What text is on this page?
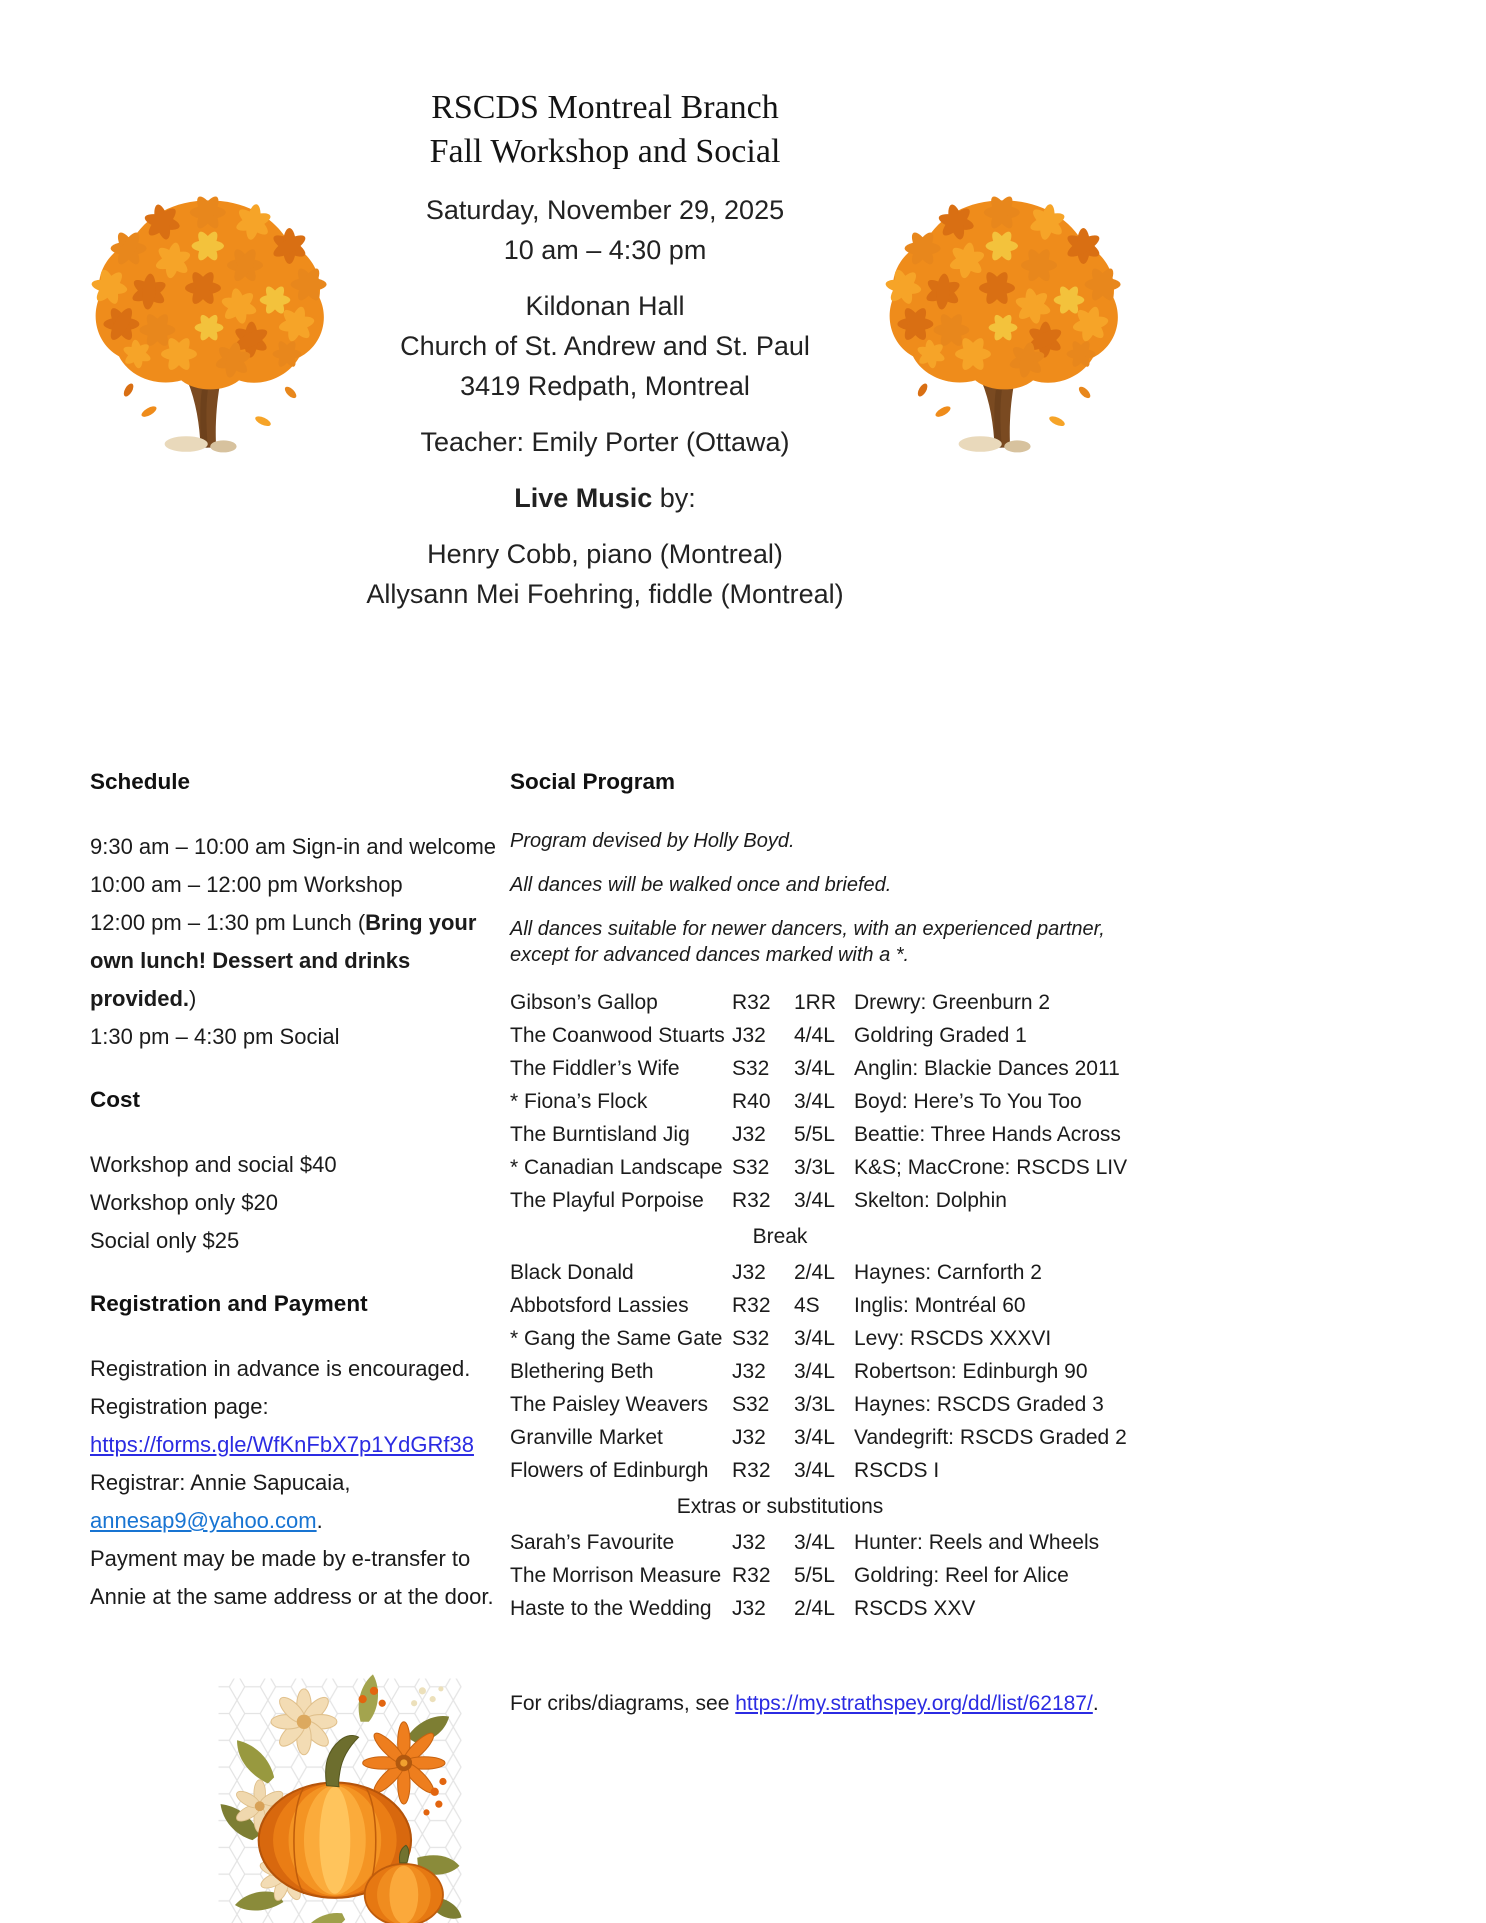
RSCDS Montreal Branch
Fall Workshop and Social
Saturday, November 29, 2025
10 am – 4:30 pm
Kildonan Hall
Church of St. Andrew and St. Paul
3419 Redpath, Montreal
Teacher: Emily Porter (Ottawa)
Live Music by:
Henry Cobb, piano (Montreal)
Allysann Mei Foehring, fiddle (Montreal)
Schedule
9:30 am – 10:00 am Sign-in and welcome
10:00 am – 12:00 pm Workshop
12:00 pm – 1:30 pm Lunch (Bring your own lunch! Dessert and drinks provided.)
1:30 pm – 4:30 pm Social
Cost
Workshop and social $40
Workshop only $20
Social only $25
Registration and Payment
Registration in advance is encouraged.
Registration page:
https://forms.gle/WfKnFbX7p1YdGRf38
Registrar: Annie Sapucaia,
annesap9@yahoo.com.
Payment may be made by e-transfer to Annie at the same address or at the door.
Social Program

Program devised by Holly Boyd.

All dances will be walked once and briefed.

All dances suitable for newer dancers, with an experienced partner, except for advanced dances marked with a *.

Gibson’s Gallop	R32	1RR Drewry: Greenburn 2
The Coanwood Stuarts J32	4/4L Goldring Graded 1
The Fiddler’s Wife	S32	3/4L Anglin: Blackie Dances 2011
* Fiona’s Flock	R40	3/4L Boyd: Here’s To You Too
The Burntisland Jig	J32	5/5L Beattie: Three Hands Across
* Canadian Landscape S32	3/3L K&S; MacCrone: RSCDS LIV
The Playful Porpoise	R32	3/4L Skelton: Dolphin
Break
Black Donald	J32	2/4L Haynes: Carnforth 2
Abbotsford Lassies	R32	4S	Inglis: Montréal 60
* Gang the Same Gate S32	3/4L Levy: RSCDS XXXVI
Blethering Beth	J32	3/4L Robertson: Edinburgh 90
The Paisley Weavers	S32	3/3L Haynes: RSCDS Graded 3
Granville Market	J32	3/4L Vandegrift: RSCDS Graded 2
Flowers of Edinburgh	R32	3/4L RSCDS I
Extras or substitutions
Sarah’s Favourite	J32	3/4L Hunter: Reels and Wheels
The Morrison Measure R32	5/5L Goldring: Reel for Alice
Haste to the Wedding J32	2/4L RSCDS XXV
For cribs/diagrams, see https://my.strathspey.org/dd/list/62187/.
